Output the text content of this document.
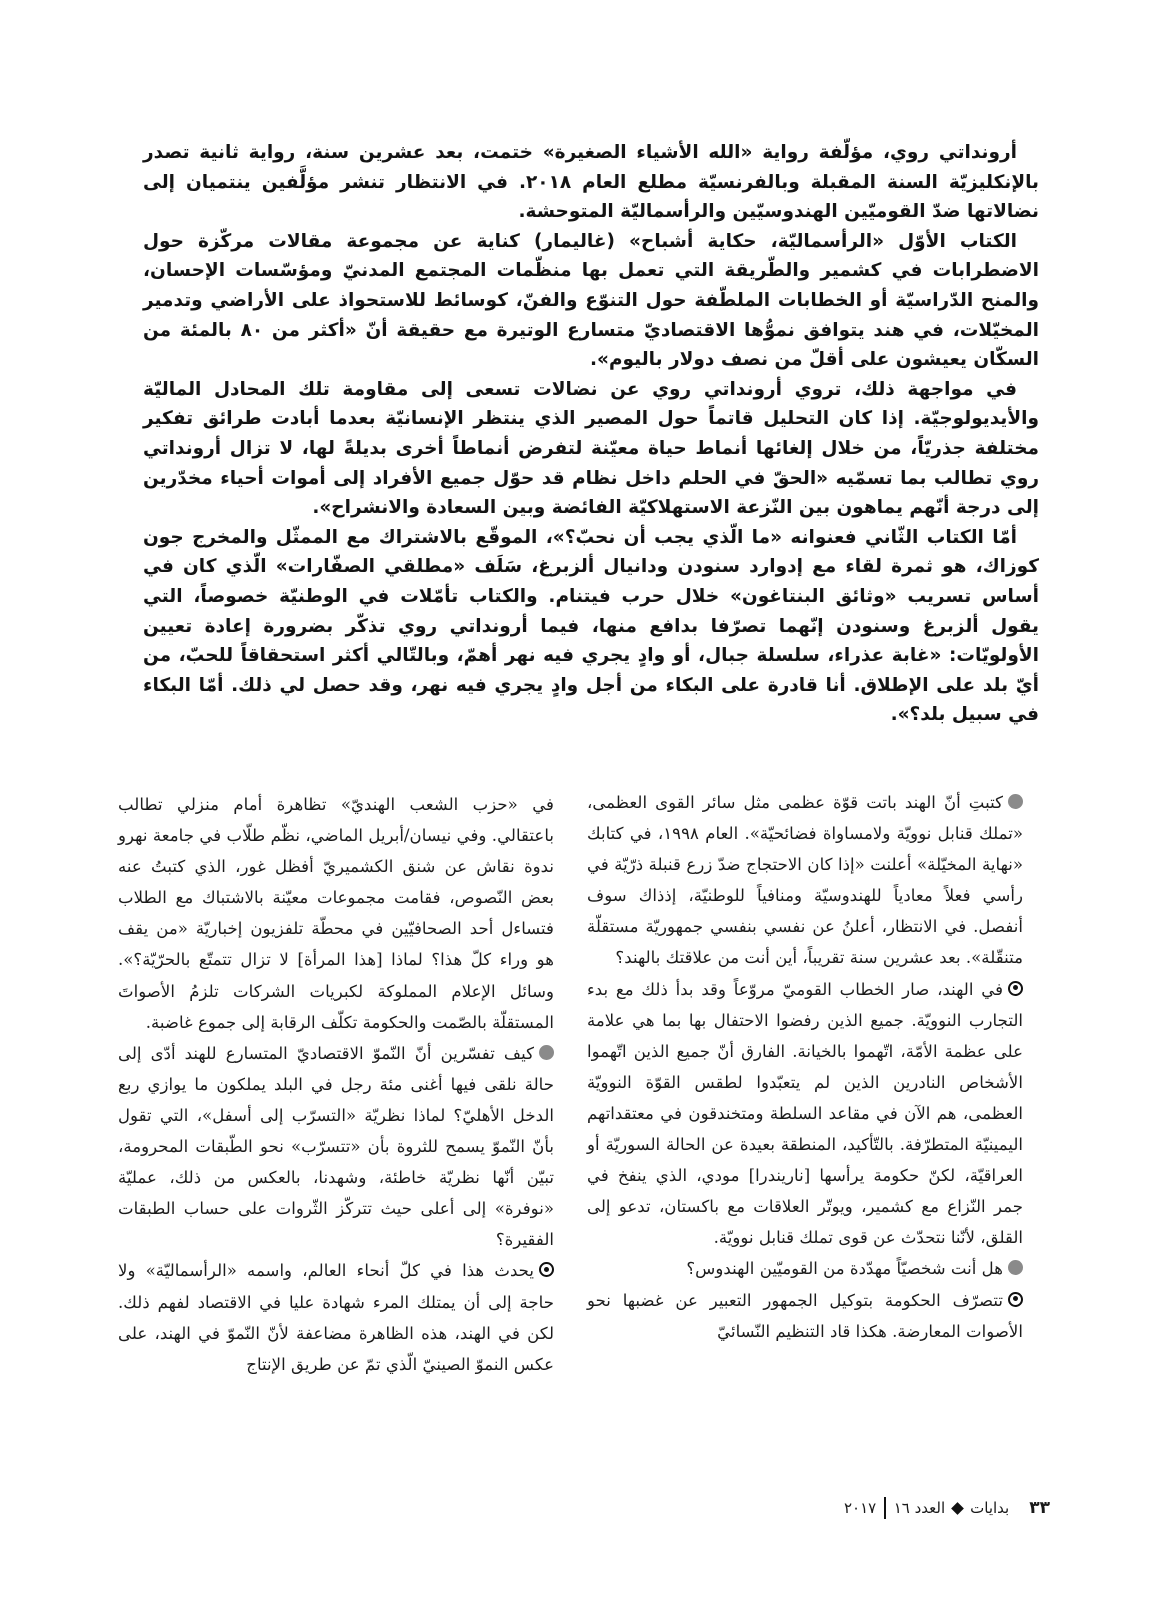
أرونداتي روي، مؤلّفة رواية «الله الأشياء الصغيرة» ختمت، بعد عشرين سنة، رواية ثانية تصدر بالإنكليزيّة السنة المقبلة وبالفرنسيّة مطلع العام ٢٠١٨. في الانتظار تنشر مؤلَّفين ينتميان إلى نضالاتها ضدّ القوميّين الهندوسيّين والرأسماليّة المتوحشة.

الكتاب الأوّل «الرأسماليّة، حكاية أشباح» (غاليمار) كناية عن مجموعة مقالات مركّزة حول الاضطرابات في كشمير والطّريقة التي تعمل بها منظّمات المجتمع المدنيّ ومؤسّسات الإحسان، والمنح الدّراسيّة أو الخطابات الملطّفة حول التنوّع والفنّ، كوسائط للاستحواذ على الأراضي وتدمير المخيّلات، في هند يتوافق نموُّها الاقتصاديّ متسارع الوتيرة مع حقيقة أنّ «أكثر من ٨٠ بالمئة من السكّان يعيشون على أقلّ من نصف دولار باليوم».

في مواجهة ذلك، تروي أرونداتي روي عن نضالات تسعى إلى مقاومة تلك المحادل الماليّة والأيديولوجيّة. إذا كان التحليل قاتماً حول المصير الذي ينتظر الإنسانيّة بعدما أبادت طرائق تفكير مختلفة جذريّاً، من خلال إلغائها أنماط حياة معيّنة لتفرض أنماطاً أخرى بديلةً لها، لا تزال أرونداتي روي تطالب بما تسمّيه «الحقّ في الحلم داخل نظام قد حوّل جميع الأفراد إلى أموات أحياء مخدّرين إلى درجة أنّهم يماهون بين النّزعة الاستهلاكيّة الفائضة وبين السعادة والانشراح».

أمّا الكتاب الثّاني فعنوانه «ما الّذي يجب أن نحبّ؟»، الموقّع بالاشتراك مع الممثّل والمخرج جون كوزاك، هو ثمرة لقاء مع إدوارد سنودن ودانيال ألزبرغ، سَلَف «مطلقي الصفّارات» الّذي كان في أساس تسريب «وثائق البنتاغون» خلال حرب فيتنام. والكتاب تأمّلات في الوطنيّة خصوصاً، التي يقول ألزبرغ وسنودن إنّهما تصرّفا بدافع منها، فيما أرونداتي روي تذكّر بضرورة إعادة تعيين الأولويّات: «غابة عذراء، سلسلة جبال، أو وادٍ يجري فيه نهر أهمّ، وبالتّالي أكثر استحقاقاً للحبّ، من أيّ بلد على الإطلاق. أنا قادرة على البكاء من أجل وادٍ يجري فيه نهر، وقد حصل لي ذلك. أمّا البكاء في سبيل بلد؟».

كتبتِ أنّ الهند باتت قوّة عظمى مثل سائر القوى العظمى، «تملك قنابل نوويّة ولامساواة فضائحيّة». العام ١٩٩٨، في كتابك «نهاية المخيّلة» أعلنت «إذا كان الاحتجاج ضدّ زرع قنبلة ذرّيّة في رأسي فعلاً معادياً للهندوسيّة ومنافياً للوطنيّة، إذذاك سوف أنفصل. في الانتظار، أعلنُ عن نفسي بنفسي جمهوريّة مستقلّة متنقّلة». بعد عشرين سنة تقريباً، أين أنت من علاقتك بالهند؟

في الهند، صار الخطاب القوميّ مروّعاً وقد بدأ ذلك مع بدء التجارب النوويّة. جميع الذين رفضوا الاحتفال بها بما هي علامة على عظمة الأمّة، اتّهموا بالخيانة. الفارق أنّ جميع الذين اتّهموا الأشخاص النادرين الذين لم يتعبّدوا لطقس القوّة النوويّة العظمى، هم الآن في مقاعد السلطة ومتخندقون في معتقداتهم اليمينيّة المتطرّفة. بالتّأكيد، المنطقة بعيدة عن الحالة السوريّة أو العراقيّة، لكنّ حكومة يرأسها [ناريندرا] مودي، الذي ينفخ في جمر النّزاع مع كشمير، ويوتّر العلاقات مع باكستان، تدعو إلى القلق، لأنّنا نتحدّث عن قوى تملك قنابل نوويّة.

هل أنت شخصيّاً مهدّدة من القوميّين الهندوس؟

تتصرّف الحكومة بتوكيل الجمهور التعبير عن غضبها نحو الأصوات المعارضة. هكذا قاد التنظيم النّسائيّ

في «حزب الشعب الهنديّ» تظاهرة أمام منزلي تطالب باعتقالي. وفي نيسان/أبريل الماضي، نظّم طلّاب في جامعة نهرو ندوة نقاش عن شنق الكشميريّ أفظل غور، الذي كتبتُ عنه بعض النّصوص، فقامت مجموعات معيّنة بالاشتباك مع الطلاب فتساءل أحد الصحافيّين في محطّة تلفزيون إخباريّة «من يقف هو وراء كلّ هذا؟ لماذا [هذا المرأة] لا تزال تتمتّع بالحرّيّة؟». وسائل الإعلام المملوكة لكبريات الشركات تلزمُ الأصواتَ المستقلّة بالصّمت والحكومة تكلّف الرقابة إلى جموع غاضبة.

كيف تفسّرين أنّ النّموّ الاقتصاديّ المتسارع للهند أدّى إلى حالة نلقى فيها أغنى مئة رجل في البلد يملكون ما يوازي ربع الدخل الأهليّ؟ لماذا نظريّة «التسرّب إلى أسفل»، التي تقول بأنّ النّموّ يسمح للثروة بأن «تتسرّب» نحو الطّبقات المحرومة، تبيّن أنّها نظريّة خاطئة، وشهدنا، بالعكس من ذلك، عمليّة «نوفرة» إلى أعلى حيث تتركّز الثّروات على حساب الطبقات الفقيرة؟

يحدث هذا في كلّ أنحاء العالم، واسمه «الرأسماليّة» ولا حاجة إلى أن يمتلك المرء شهادة عليا في الاقتصاد لفهم ذلك. لكن في الهند، هذه الظاهرة مضاعفة لأنّ النّموّ في الهند، على عكس النموّ الصينيّ الّذي تمّ عن طريق الإنتاج

٣٣
بدايات
العدد ١٦
٢٠١٧
